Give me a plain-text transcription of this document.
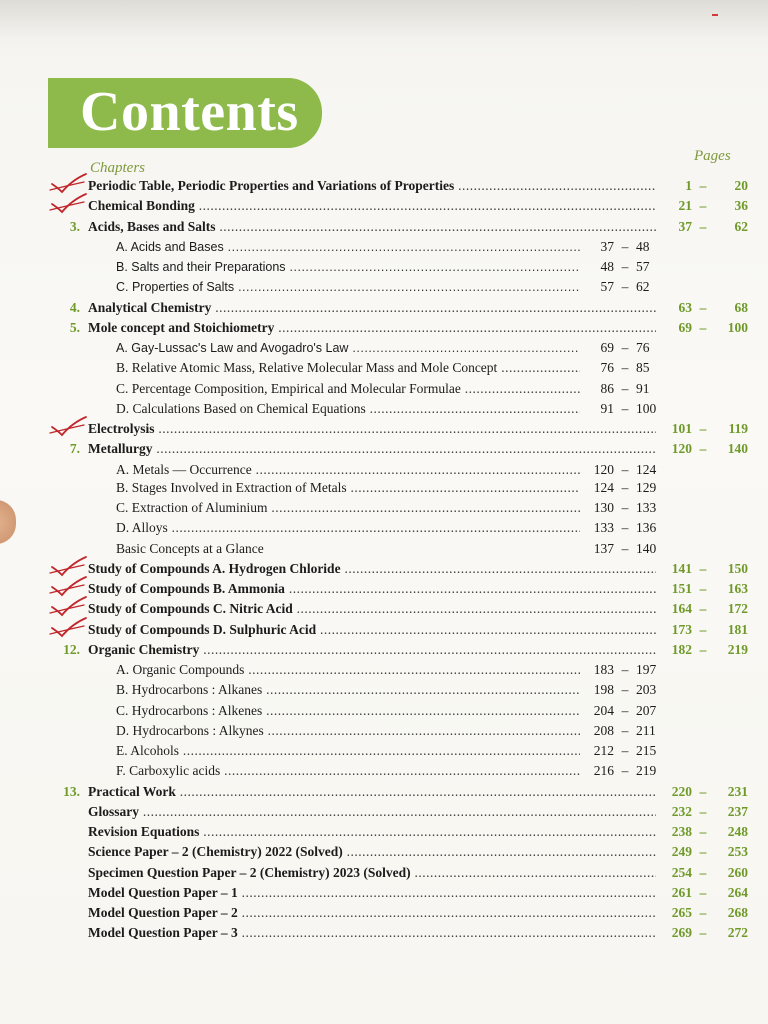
Contents
Chapters
Pages
Periodic Table, Periodic Properties and Variations of Properties .....	1 – 20
Chemical Bonding .....	21 – 36
3. Acids, Bases and Salts .....	37 – 62
A. Acids and Bases .....	37 – 48
B. Salts and their Preparations .....	48 – 57
C. Properties of Salts .....	57 – 62
4. Analytical Chemistry .....	63 – 68
5. Mole concept and Stoichiometry .....	69 – 100
A. Gay-Lussac's Law and Avogadro's Law .....	69 – 76
B. Relative Atomic Mass, Relative Molecular Mass and Mole Concept .....	76 – 85
C. Percentage Composition, Empirical and Molecular Formulae .....	86 – 91
D. Calculations Based on Chemical Equations .....	91 – 100
Electrolysis .....	101 – 119
7. Metallurgy .....	120 – 140
A. Metals — Occurrence .....	120 – 124
B. Stages Involved in Extraction of Metals .....	124 – 129
C. Extraction of Aluminium .....	130 – 133
D. Alloys .....	133 – 136
Basic Concepts at a Glance	137 – 140
Study of Compounds A. Hydrogen Chloride .....	141 – 150
Study of Compounds B. Ammonia .....	151 – 163
Study of Compounds C. Nitric Acid .....	164 – 172
Study of Compounds D. Sulphuric Acid .....	173 – 181
12. Organic Chemistry .....	182 – 219
A. Organic Compounds .....	183 – 197
B. Hydrocarbons : Alkanes .....	198 – 203
C. Hydrocarbons : Alkenes .....	204 – 207
D. Hydrocarbons : Alkynes .....	208 – 211
E. Alcohols .....	212 – 215
F. Carboxylic acids .....	216 – 219
13. Practical Work .....	220 – 231
Glossary .....	232 – 237
Revision Equations .....	238 – 248
Science Paper – 2 (Chemistry) 2022 (Solved) .....	249 – 253
Specimen Question Paper – 2 (Chemistry) 2023 (Solved) .....	254 – 260
Model Question Paper – 1 .....	261 – 264
Model Question Paper – 2 .....	265 – 268
Model Question Paper – 3 .....	269 – 272
